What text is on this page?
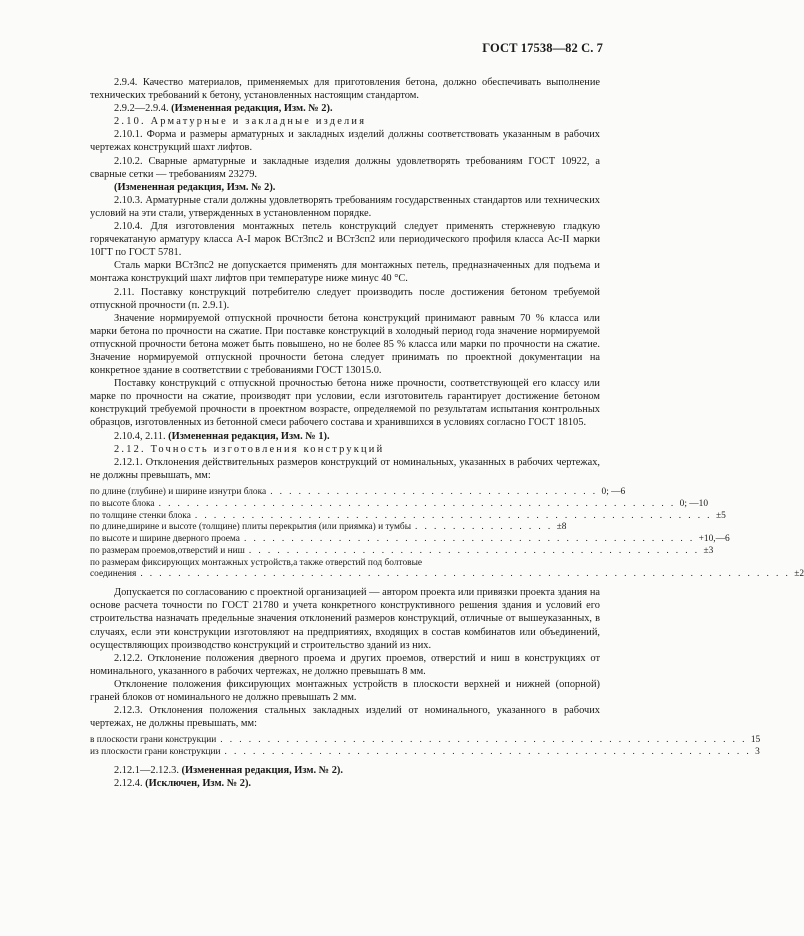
ГОСТ 17538—82 С. 7

2.9.4. Качество материалов, применяемых для приготовления бетона, должно обеспечивать выполнение технических требований к бетону, установленных настоящим стандартом.

2.9.2—2.9.4. (Измененная редакция, Изм. № 2).

2.10. Арматурные и закладные изделия

2.10.1. Форма и размеры арматурных и закладных изделий должны соответствовать указанным в рабочих чертежах конструкций шахт лифтов.

2.10.2. Сварные арматурные и закладные изделия должны удовлетворять требованиям ГОСТ 10922, а сварные сетки — требованиям 23279.

(Измененная редакция, Изм. № 2).

2.10.3. Арматурные стали должны удовлетворять требованиям государственных стандартов или технических условий на эти стали, утвержденных в установленном порядке.

2.10.4. Для изготовления монтажных петель конструкций следует применять стержневую гладкую горячекатаную арматуру класса А-I марок ВСт3пс2 и ВСт3сп2 или периодического профиля класса Ас-II марки 10ГТ по ГОСТ 5781.

Сталь марки ВСт3пс2 не допускается применять для монтажных петель, предназначенных для подъема и монтажа конструкций шахт лифтов при температуре ниже минус 40 °С.

2.11. Поставку конструкций потребителю следует производить после достижения бетоном требуемой отпускной прочности (п. 2.9.1).

Значение нормируемой отпускной прочности бетона конструкций принимают равным 70 % класса или марки бетона по прочности на сжатие. При поставке конструкций в холодный период года значение нормируемой отпускной прочности бетона может быть повышено, но не более 85 % класса или марки по прочности на сжатие. Значение нормируемой отпускной прочности бетона следует принимать по проектной документации на конкретное здание в соответствии с требованиями ГОСТ 13015.0.

Поставку конструкций с отпускной прочностью бетона ниже прочности, соответствующей его классу или марке по прочности на сжатие, производят при условии, если изготовитель гарантирует достижение бетоном конструкций требуемой прочности в проектном возрасте, определяемой по результатам испытания контрольных образцов, изготовленных из бетонной смеси рабочего состава и хранившихся в условиях согласно ГОСТ 18105.

2.10.4, 2.11. (Измененная редакция, Изм. № 1).

2.12. Точность изготовления конструкций

2.12.1. Отклонения действительных размеров конструкций от номинальных, указанных в рабочих чертежах, не должны превышать, мм:

по длине (глубине) и ширине изнутри блока . . . . . . . . . . . . . . . . . . . . . . . . . . . . . . . . . . . 0; —6
по высоте блока . . . . . . . . . . . . . . . . . . . . . . . . . . . . . . . . . . . . . . . . . . . . . . . . . . . . . . . 0; —10
по толщине стенки блока . . . . . . . . . . . . . . . . . . . . . . . . . . . . . . . . . . . . . . . . . . . . . . . . . . . . . . . ±5
по длине,ширине и высоте (толщине) плиты перекрытия (или приямка) и тумбы . . . . . . . . . . . . . . . ±8
по высоте и ширине дверного проема . . . . . . . . . . . . . . . . . . . . . . . . . . . . . . . . . . . . . . . . . . . . . . . . +10,—6
по размерам проемов,отверстий и ниш . . . . . . . . . . . . . . . . . . . . . . . . . . . . . . . . . . . . . . . . . . . . . . . . ±3
по размерам фиксирующих монтажных устройств,а также отверстий под болтовые
соединения . . . . . . . . . . . . . . . . . . . . . . . . . . . . . . . . . . . . . . . . . . . . . . . . . . . . . . . . . . . . . . . . . . . . . ±2

Допускается по согласованию с проектной организацией — автором проекта или привязки проекта здания на основе расчета точности по ГОСТ 21780 и учета конкретного конструктивного решения здания и условий его строительства назначать предельные значения отклонений размеров конструкций, отличные от вышеуказанных, в случаях, если эти конструкции изготовляют на предприятиях, входящих в состав комбинатов или объединений, осуществляющих производство конструкций и строительство зданий из них.

2.12.2. Отклонение положения дверного проема и других проемов, отверстий и ниш в конструкциях от номинального, указанного в рабочих чертежах, не должно превышать 8 мм.

Отклонение положения фиксирующих монтажных устройств в плоскости верхней и нижней (опорной) граней блоков от номинального не должно превышать 2 мм.

2.12.3. Отклонения положения стальных закладных изделий от номинального, указанного в рабочих чертежах, не должны превышать, мм:

в плоскости грани конструкции . . . . . . . . . . . . . . . . . . . . . . . . . . . . . . . . . . . . . . . . . . . . . . . . . . . . . . . . 15
из плоскости грани конструкции . . . . . . . . . . . . . . . . . . . . . . . . . . . . . . . . . . . . . . . . . . . . . . . . . . . . . . . . 3

2.12.1—2.12.3. (Измененная редакция, Изм. № 2).

2.12.4. (Исключен, Изм. № 2).
